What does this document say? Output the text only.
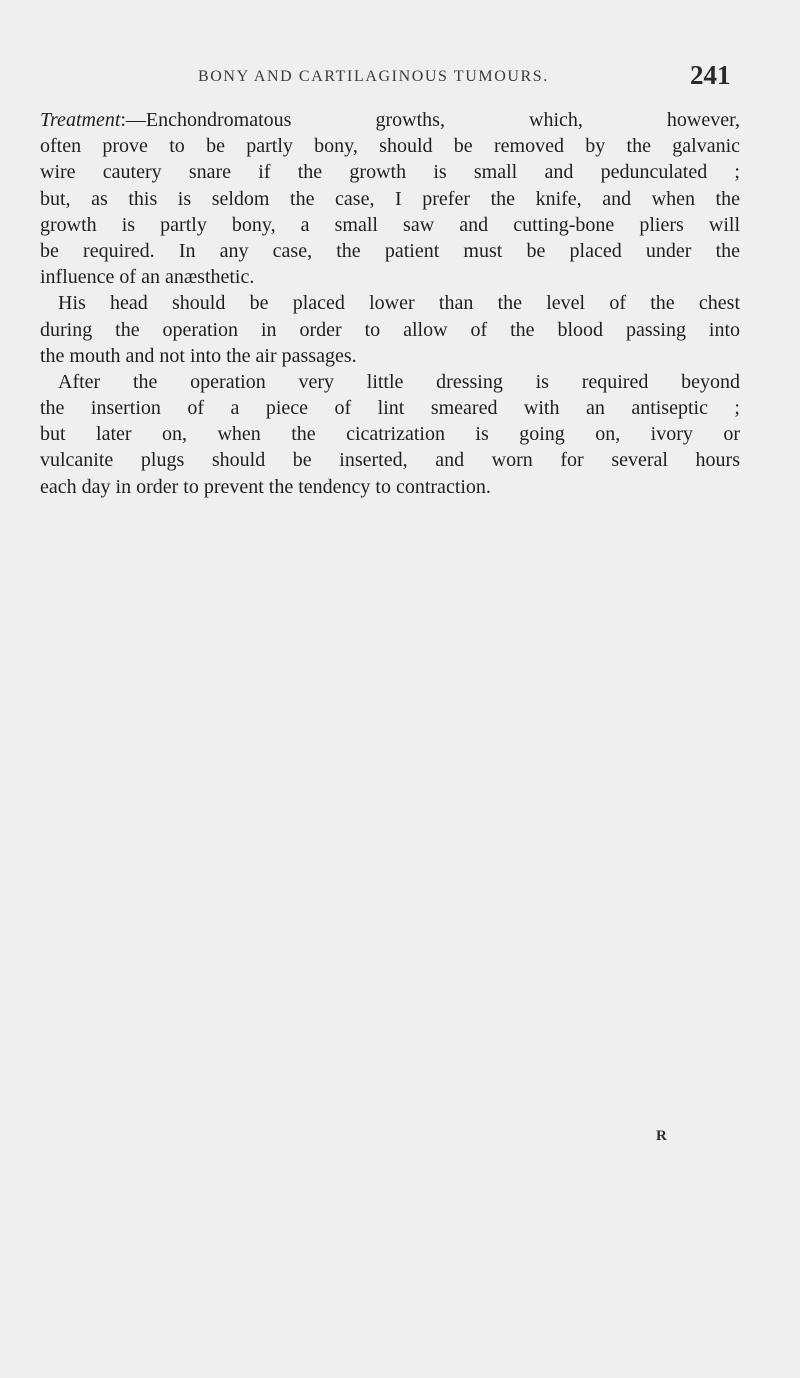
BONY AND CARTILAGINOUS TUMOURS.	241
Treatment:—Enchondromatous growths, which, however,
often prove to be partly bony, should be removed by the galvanic
wire cautery snare if the growth is small and pedunculated ;
but, as this is seldom the case, I prefer the knife, and when the
growth is partly bony, a small saw and cutting-bone pliers will
be required. In any case, the patient must be placed under the
influence of an anæsthetic.
His head should be placed lower than the level of the chest
during the operation in order to allow of the blood passing into
the mouth and not into the air passages.
After the operation very little dressing is required beyond
the insertion of a piece of lint smeared with an antiseptic ;
but later on, when the cicatrization is going on, ivory or
vulcanite plugs should be inserted, and worn for several hours
each day in order to prevent the tendency to contraction.
R
